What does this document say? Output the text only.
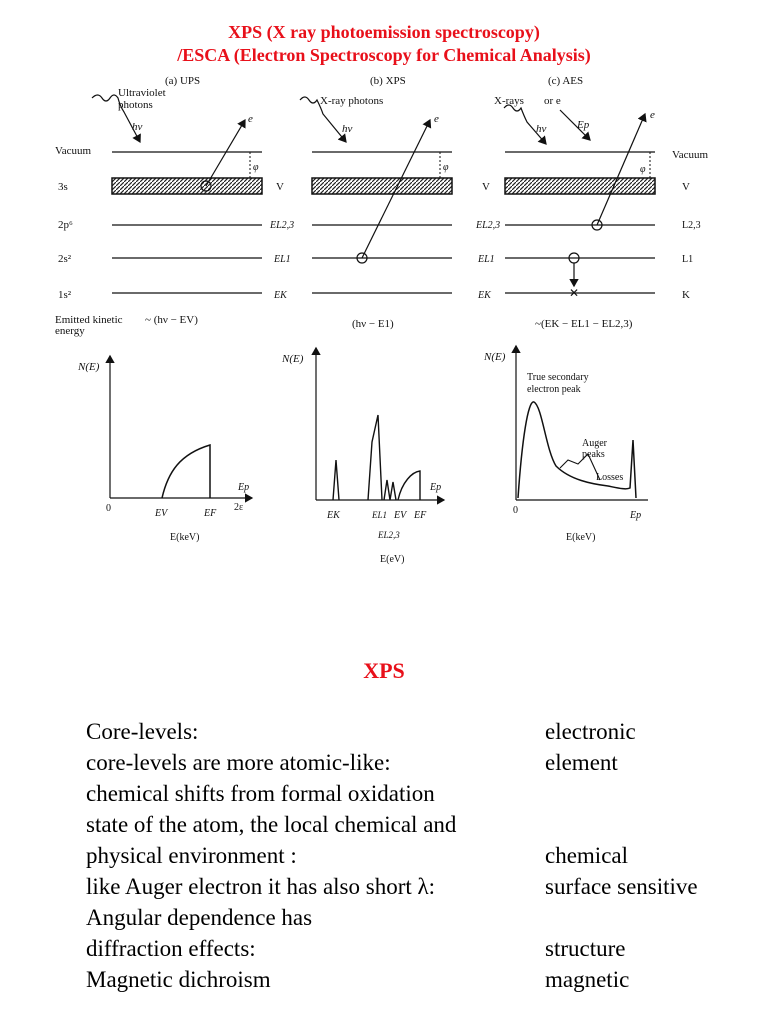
XPS (X ray photoemission spectroscopy)
/ESCA (Electron Spectroscopy for Chemical Analysis)
(a) UPS	(b) XPS	(c) AES
Vacuum
3s
2p⁶
2s²
1s²
Ultraviolet
photons
hν
e
φ
V
X-ray photons
hν
e
φ
EL2,3
EL1
EK
X-rays or e
hν	Ep
e
✕
φ
V
EL2,3
EL1
EK
Vacuum
V
L2,3
L1
K
Emitted kinetic
energy
~ (hν − EV)	(hν − E1)	~(EK − EL1 − EL2,3)
N(E)
0	EV	EF
Ep
2ε
E(keV)
N(E)
EK	EL1 EV EF
Ep
EL2,3
E(eV)
N(E)
True secondary
electron peak
Auger
peaks
Losses
0	Ep
E(keV)
XPS
Core-levels:	electronic
core-levels are more atomic-like:	element
chemical shifts from formal oxidation
state of the atom, the local chemical and
physical environment :	chemical
like Auger electron it has also short λ:	surface sensitive
Angular dependence has
diffraction effects:	structure
Magnetic dichroism	magnetic
